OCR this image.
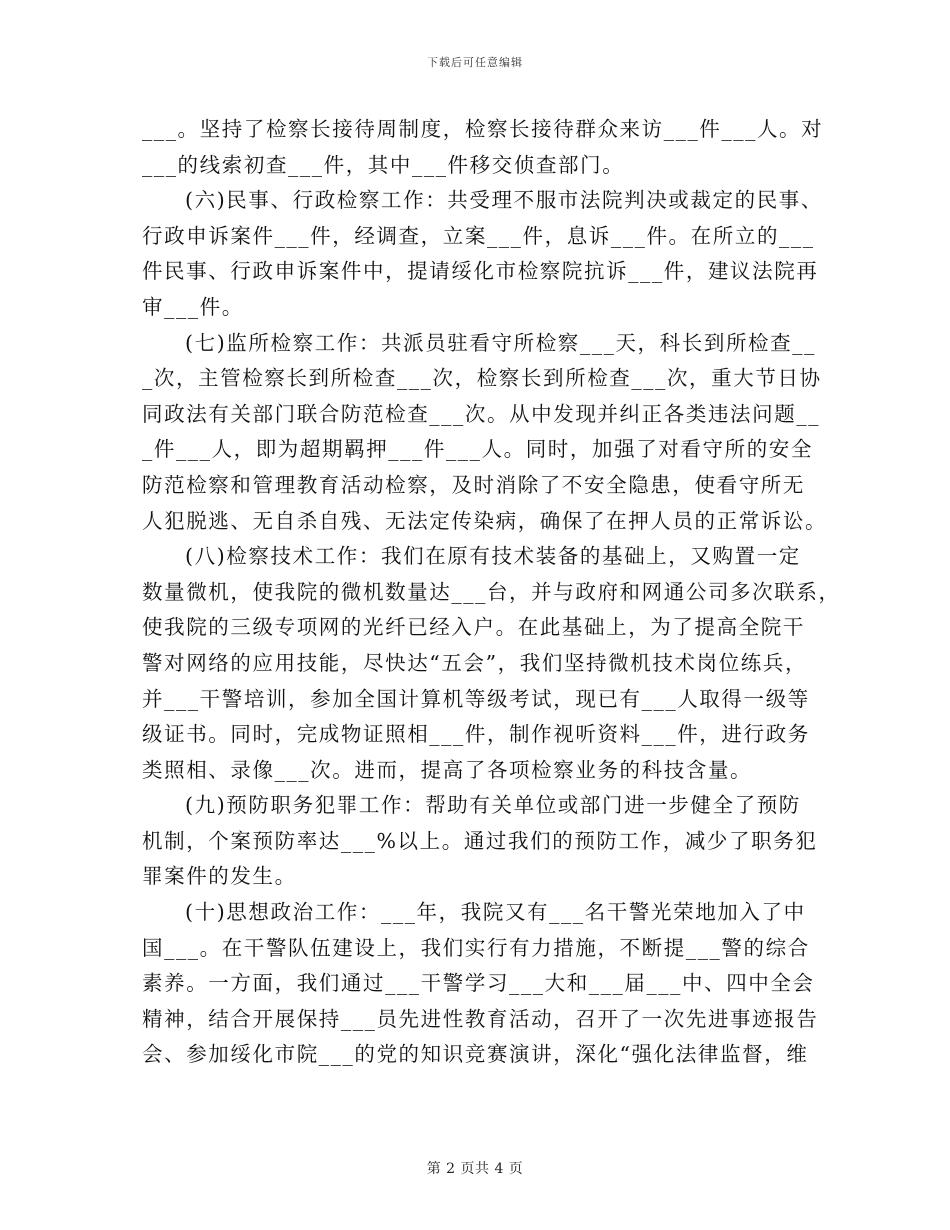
下载后可任意编辑
___。坚持了检察长接待周制度，检察长接待群众来访___件___人。对
___的线索初查___件，其中___件移交侦查部门。
(六)民事、行政检察工作：共受理不服市法院判决或裁定的民事、
行政申诉案件___件，经调查，立案___件，息诉___件。在所立的___
件民事、行政申诉案件中，提请绥化市检察院抗诉___件，建议法院再
审___件。
(七)监所检察工作：共派员驻看守所检察___天，科长到所检查__
_次，主管检察长到所检查___次，检察长到所检查___次，重大节日协
同政法有关部门联合防范检查___次。从中发现并纠正各类违法问题__
_件___人，即为超期羁押___件___人。同时，加强了对看守所的安全
防范检察和管理教育活动检察，及时消除了不安全隐患，使看守所无
人犯脱逃、无自杀自残、无法定传染病，确保了在押人员的正常诉讼。
(八)检察技术工作：我们在原有技术装备的基础上，又购置一定
数量微机，使我院的微机数量达___台，并与政府和网通公司多次联系，
使我院的三级专项网的光纤已经入户。在此基础上，为了提高全院干
警对网络的应用技能，尽快达“五会”，我们坚持微机技术岗位练兵，
并___干警培训，参加全国计算机等级考试，现已有___人取得一级等
级证书。同时，完成物证照相___件，制作视听资料___件，进行政务
类照相、录像___次。进而，提高了各项检察业务的科技含量。
(九)预防职务犯罪工作：帮助有关单位或部门进一步健全了预防
机制，个案预防率达___%以上。通过我们的预防工作，减少了职务犯
罪案件的发生。
(十)思想政治工作：___年，我院又有___名干警光荣地加入了中
国___。在干警队伍建设上，我们实行有力措施，不断提___警的综合
素养。一方面，我们通过___干警学习___大和___届___中、四中全会
精神，结合开展保持___员先进性教育活动，召开了一次先进事迹报告
会、参加绥化市院___的党的知识竞赛演讲，深化“强化法律监督，维
第 2 页共 4 页
